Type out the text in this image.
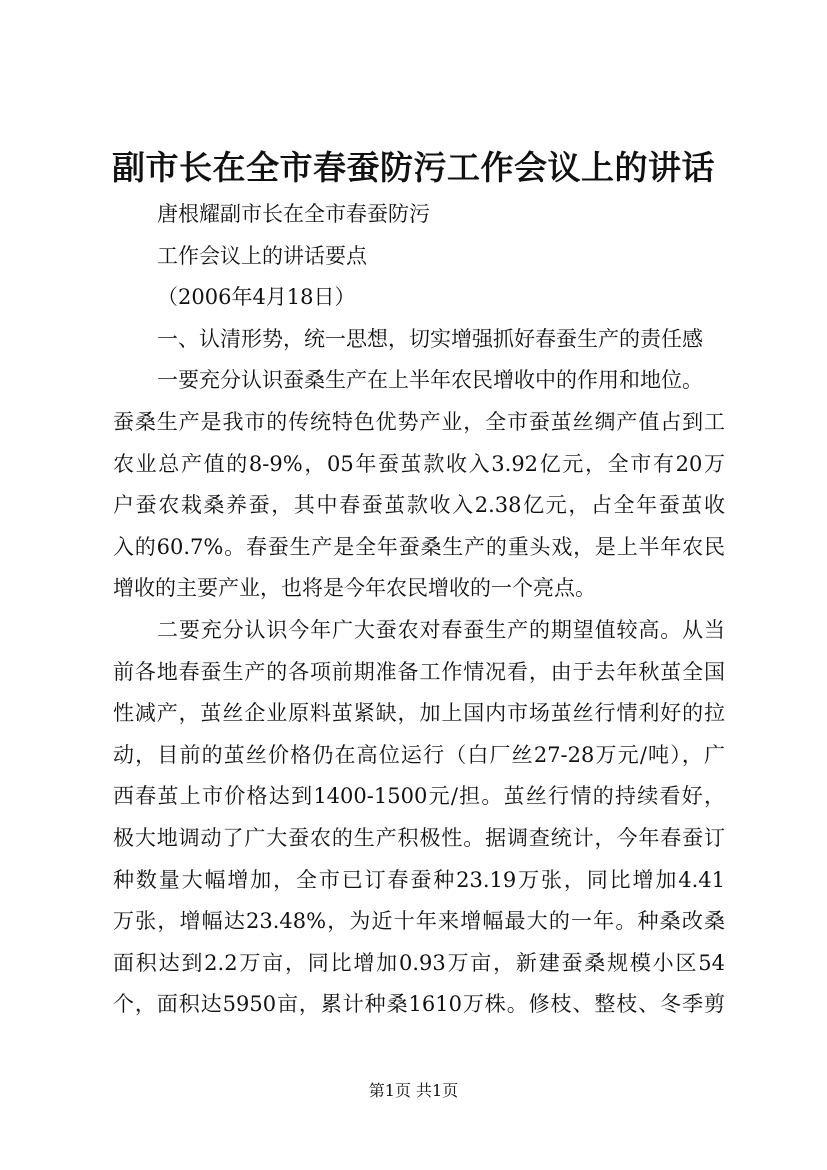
副市长在全市春蚕防污工作会议上的讲话
唐根耀副市长在全市春蚕防污
工作会议上的讲话要点
（2006年4月18日）
一、认清形势，统一思想，切实增强抓好春蚕生产的责任感
一要充分认识蚕桑生产在上半年农民增收中的作用和地位。
蚕桑生产是我市的传统特色优势产业，全市蚕茧丝绸产值占到工
农业总产值的8-9%，05年蚕茧款收入3.92亿元，全市有20万
户蚕农栽桑养蚕，其中春蚕茧款收入2.38亿元，占全年蚕茧收
入的60.7%。春蚕生产是全年蚕桑生产的重头戏，是上半年农民
增收的主要产业，也将是今年农民增收的一个亮点。
二要充分认识今年广大蚕农对春蚕生产的期望值较高。从当
前各地春蚕生产的各项前期准备工作情况看，由于去年秋茧全国
性减产，茧丝企业原料茧紧缺，加上国内市场茧丝行情利好的拉
动，目前的茧丝价格仍在高位运行（白厂丝27-28万元/吨），广
西春茧上市价格达到1400-1500元/担。茧丝行情的持续看好，
极大地调动了广大蚕农的生产积极性。据调查统计，今年春蚕订
种数量大幅增加，全市已订春蚕种23.19万张，同比增加4.41
万张，增幅达23.48%，为近十年来增幅最大的一年。种桑改桑
面积达到2.2万亩，同比增加0.93万亩，新建蚕桑规模小区54
个，面积达5950亩，累计种桑1610万株。修枝、整枝、冬季剪
第1页 共1页
